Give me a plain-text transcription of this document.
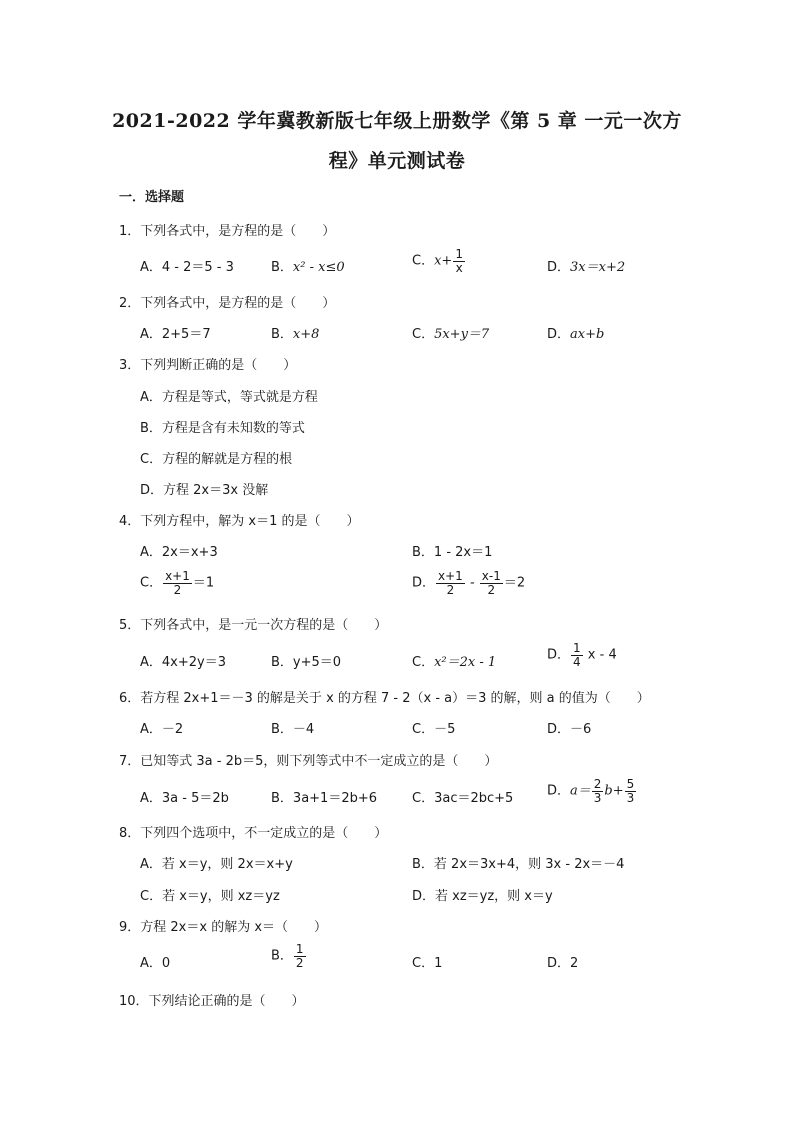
2021-2022 学年冀教新版七年级上册数学《第 5 章 一元一次方
程》单元测试卷
一．选择题
1．下列各式中，是方程的是（　　）
A．4 - 2＝5 - 3	B．x² - x≤0	C．$x+ \frac{1}{x}$	D．3x＝x+2
2．下列各式中，是方程的是（　　）
A．2+5＝7	B．x+8	C．5x+y＝7	D．ax+b
3．下列判断正确的是（　　）
A．方程是等式，等式就是方程
B．方程是含有未知数的等式
C．方程的解就是方程的根
D．方程 2x＝3x 没解
4．下列方程中，解为 x＝1 的是（　　）
A．2x＝x+3	B．1 - 2x＝1
C． $\frac{x+1}{2} =1$	D． $\frac{x+1}{2} - \frac{x-1}{2} =2$
5．下列各式中，是一元一次方程的是（　　）
A．4x+2y＝3	B．y+5＝0	C．x²＝2x - 1	D． $\frac{1}{4}$ x - 4
6．若方程 2x+1＝－3 的解是关于 x 的方程 7 - 2（x - a）＝3 的解，则 a 的值为（　　）
A．－2	B．－4	C．－5	D．－6
7．已知等式 3a - 2b＝5，则下列等式中不一定成立的是（　　）
A．3a - 5＝2b	B．3a+1＝2b+6	C．3ac＝2bc+5	D．$a= \frac{2}{3} b+ \frac{5}{3}$
8．下列四个选项中，不一定成立的是（　　）
A．若 x＝y，则 2x＝x+y	B．若 2x＝3x+4，则 3x - 2x＝－4
C．若 x＝y，则 xz＝yz	D．若 xz＝yz，则 x＝y
9．方程 2x＝x 的解为 x＝（　　）
A．0	B． $\frac{1}{2}$	C．1	D．2
10．下列结论正确的是（　　）
